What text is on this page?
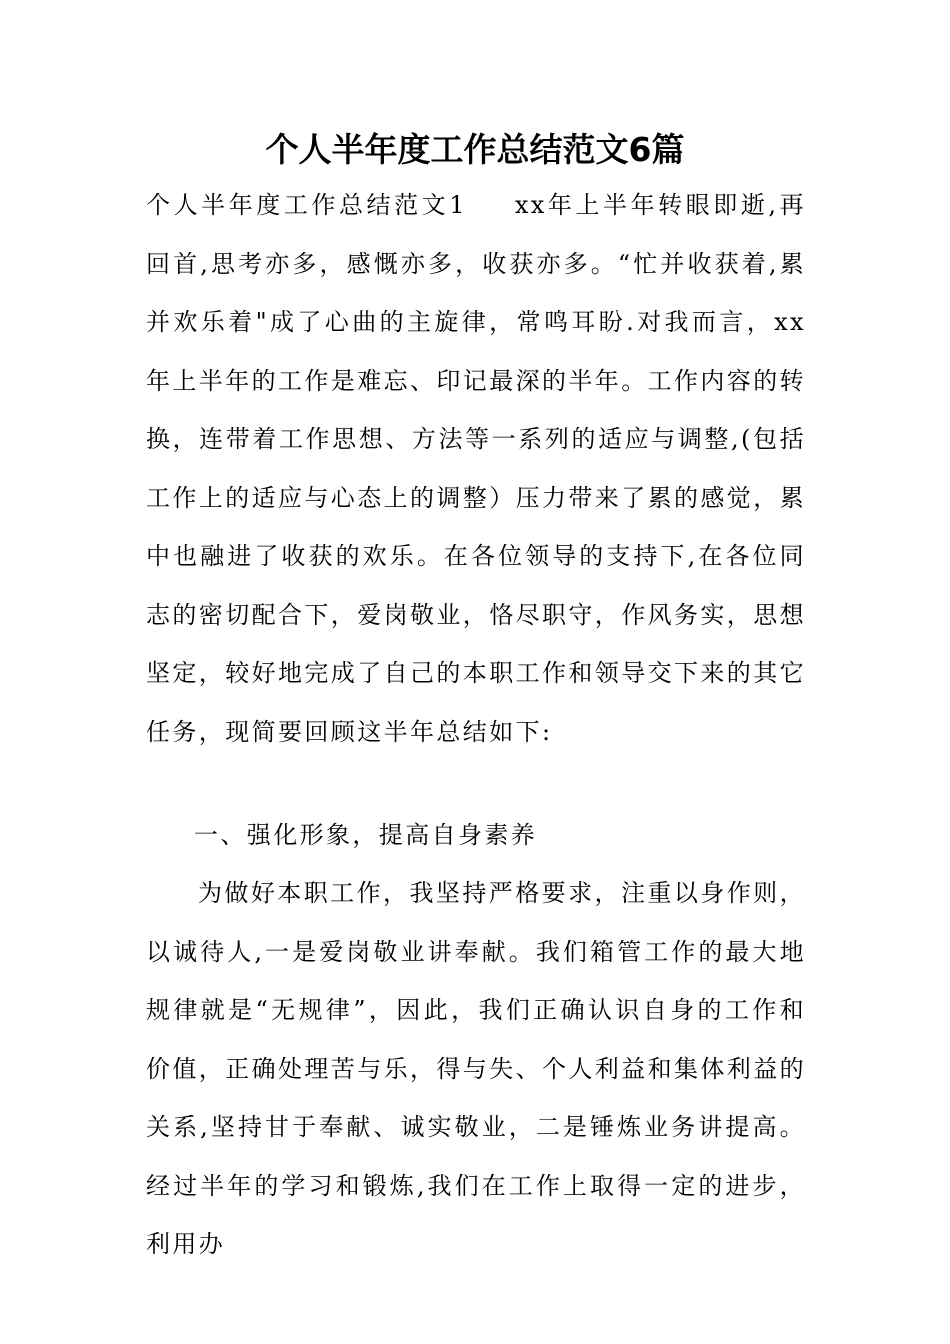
个人半年度工作总结范文6篇

个人半年度工作总结范文1 xx年上半年转眼即逝,再回首,思考亦多，感慨亦多，收获亦多。“忙并收获着,累并欢乐着"成了心曲的主旋律，常鸣耳盼.对我而言，xx年上半年的工作是难忘、印记最深的半年。工作内容的转换，连带着工作思想、方法等一系列的适应与调整,(包括工作上的适应与心态上的调整）压力带来了累的感觉，累中也融进了收获的欢乐。在各位领导的支持下,在各位同志的密切配合下，爱岗敬业，恪尽职守，作风务实，思想坚定，较好地完成了自己的本职工作和领导交下来的其它任务，现简要回顾这半年总结如下:

一、强化形象，提高自身素养

为做好本职工作，我坚持严格要求，注重以身作则，以诚待人,一是爱岗敬业讲奉献。我们箱管工作的最大地规律就是“无规律”，因此，我们正确认识自身的工作和价值，正确处理苦与乐，得与失、个人利益和集体利益的关系,坚持甘于奉献、诚实敬业，二是锤炼业务讲提高。经过半年的学习和锻炼,我们在工作上取得一定的进步，利用办
